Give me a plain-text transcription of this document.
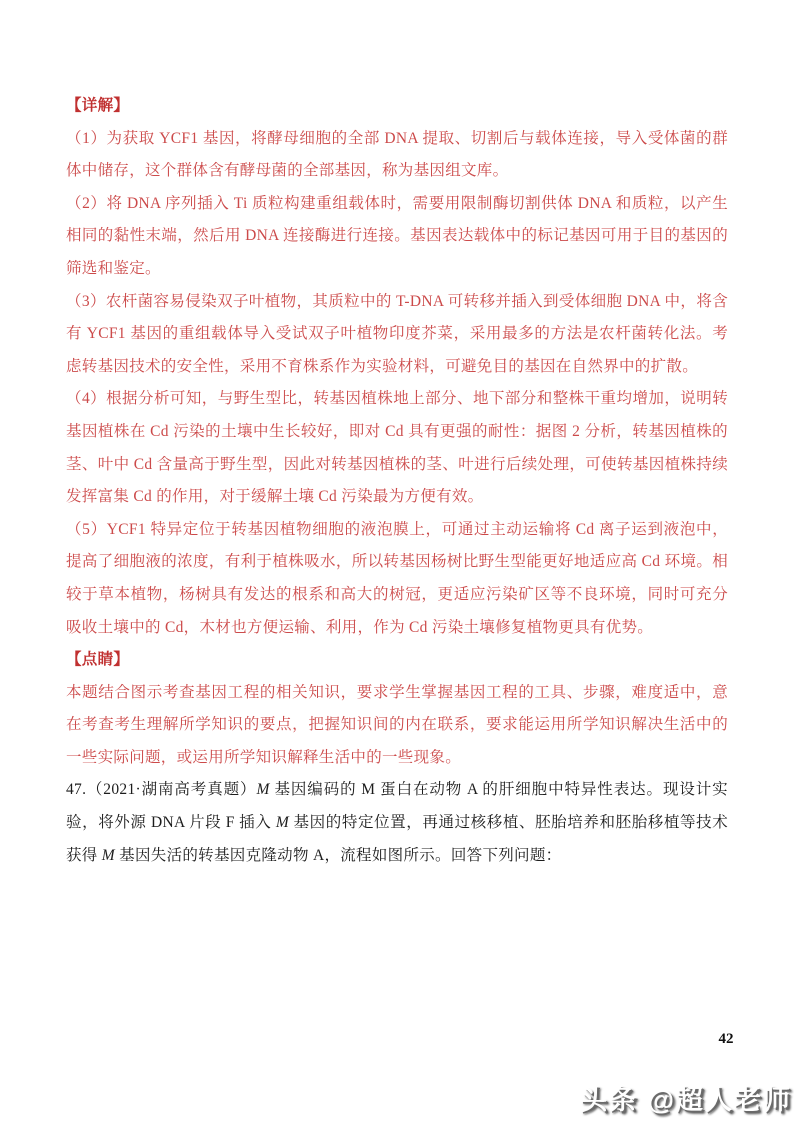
【详解】

（1）为获取 YCF1 基因，将酵母细胞的全部 DNA 提取、切割后与载体连接，导入受体菌的群体中储存，这个群体含有酵母菌的全部基因，称为基因组文库。

（2）将 DNA 序列插入 Ti 质粒构建重组载体时，需要用限制酶切割供体 DNA 和质粒，以产生相同的黏性末端，然后用 DNA 连接酶进行连接。基因表达载体中的标记基因可用于目的基因的筛选和鉴定。

（3）农杆菌容易侵染双子叶植物，其质粒中的 T-DNA 可转移并插入到受体细胞 DNA 中，将含有 YCF1 基因的重组载体导入受试双子叶植物印度芥菜，采用最多的方法是农杆菌转化法。考虑转基因技术的安全性，采用不育株系作为实验材料，可避免目的基因在自然界中的扩散。

（4）根据分析可知，与野生型比，转基因植株地上部分、地下部分和整株干重均增加，说明转基因植株在 Cd 污染的土壤中生长较好，即对 Cd 具有更强的耐性：据图 2 分析，转基因植株的茎、叶中 Cd 含量高于野生型，因此对转基因植株的茎、叶进行后续处理，可使转基因植株持续发挥富集 Cd 的作用，对于缓解土壤 Cd 污染最为方便有效。

（5）YCF1 特异定位于转基因植物细胞的液泡膜上，可通过主动运输将 Cd 离子运到液泡中，提高了细胞液的浓度，有利于植株吸水，所以转基因杨树比野生型能更好地适应高 Cd 环境。相较于草本植物，杨树具有发达的根系和高大的树冠，更适应污染矿区等不良环境，同时可充分吸收土壤中的 Cd，木材也方便运输、利用，作为 Cd 污染土壤修复植物更具有优势。

【点睛】

本题结合图示考查基因工程的相关知识，要求学生掌握基因工程的工具、步骤，难度适中，意在考查考生理解所学知识的要点，把握知识间的内在联系，要求能运用所学知识解决生活中的一些实际问题，或运用所学知识解释生活中的一些现象。

47.（2021·湖南高考真题）M 基因编码的 M 蛋白在动物 A 的肝细胞中特异性表达。现设计实验，将外源 DNA 片段 F 插入 M 基因的特定位置，再通过核移植、胚胎培养和胚胎移植等技术获得 M 基因失活的转基因克隆动物 A，流程如图所示。回答下列问题：

42
头条 @超人老师
